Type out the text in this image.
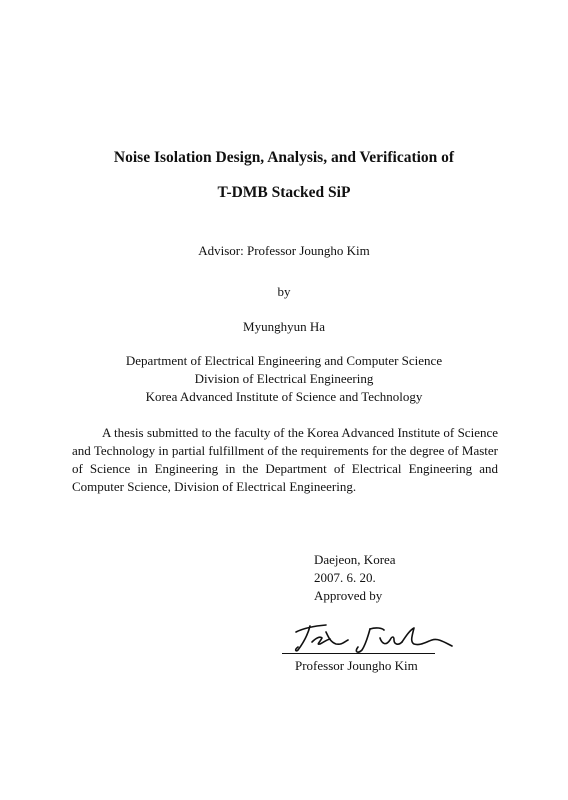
Noise Isolation Design, Analysis, and Verification of
T-DMB Stacked SiP
Advisor: Professor Joungho Kim
by
Myunghyun Ha
Department of Electrical Engineering and Computer Science
Division of Electrical Engineering
Korea Advanced Institute of Science and Technology
A thesis submitted to the faculty of the Korea Advanced Institute of Science and Technology in partial fulfillment of the requirements for the degree of Master of Science in Engineering in the Department of Electrical Engineering and Computer Science, Division of Electrical Engineering.
Daejeon, Korea
2007. 6. 20.
Approved by
Professor Joungho Kim
